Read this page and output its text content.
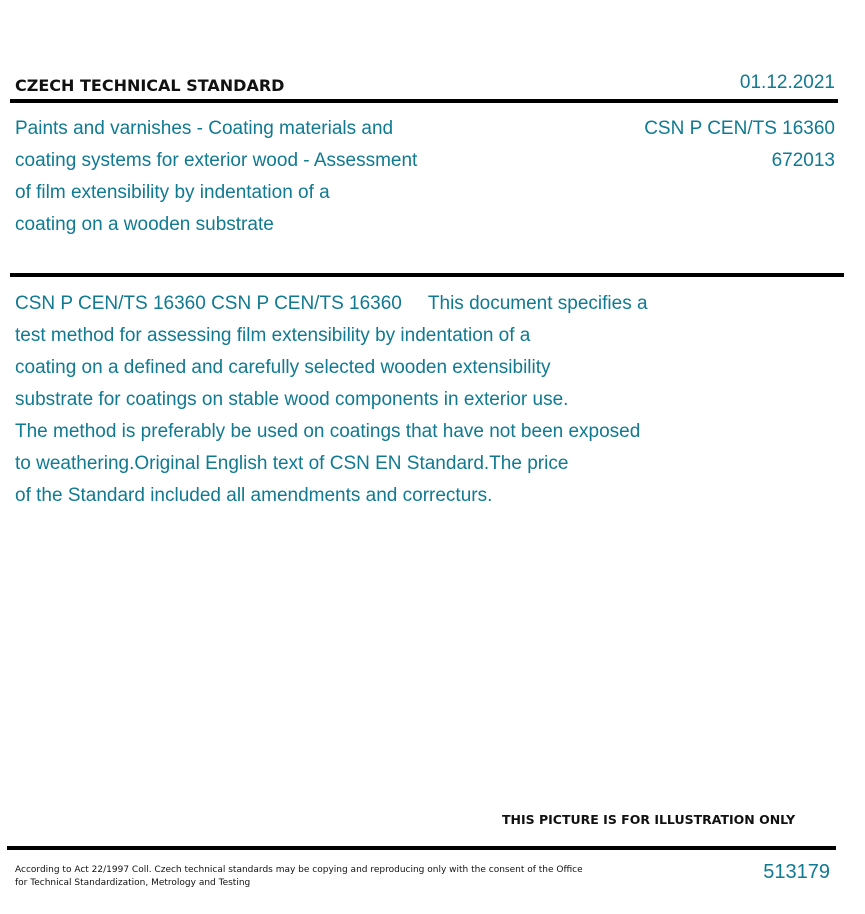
CZECH TECHNICAL STANDARD	01.12.2021
Paints and varnishes - Coating materials and
coating systems for exterior wood - Assessment
of film extensibility by indentation of a
coating on a wooden substrate
CSN P CEN/TS 16360
672013
CSN P CEN/TS 16360 CSN P CEN/TS 16360     This document specifies a
test method for assessing film extensibility by indentation of a
coating on a defined and carefully selected wooden extensibility
substrate for coatings on stable wood components in exterior use.
The method is preferably be used on coatings that have not been exposed
to weathering.Original English text of CSN EN Standard.The price
of the Standard included all amendments and correcturs.
THIS PICTURE IS FOR ILLUSTRATION ONLY
According to Act 22/1997 Coll. Czech technical standards may be copying and reproducing only with the consent of the Office
for Technical Standardization, Metrology and Testing	513179
